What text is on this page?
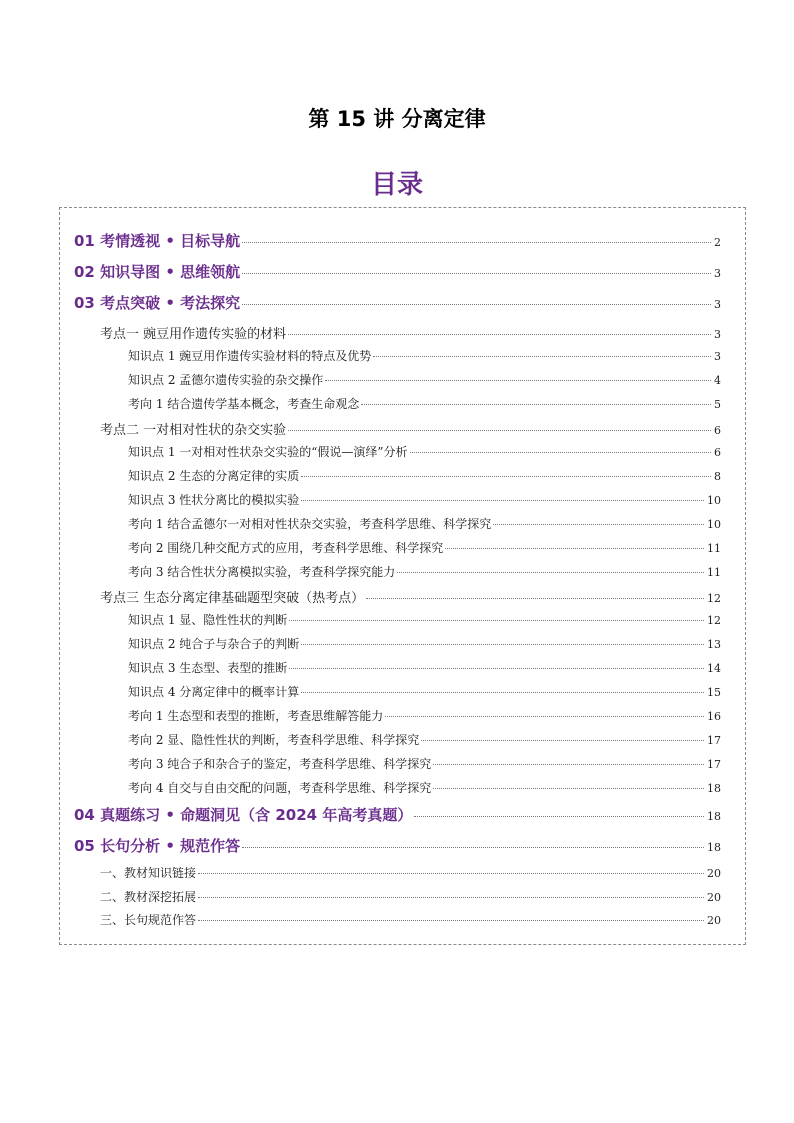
第 15 讲 分离定律
目录
01 考情透视 • 目标导航	2
02 知识导图 • 思维领航	3
03 考点突破 • 考法探究	3
考点一 豌豆用作遗传实验的材料	3
知识点 1 豌豆用作遗传实验材料的特点及优势	3
知识点 2 孟德尔遗传实验的杂交操作	4
考向 1 结合遗传学基本概念，考查生命观念	5
考点二 一对相对性状的杂交实验	6
知识点 1 一对相对性状杂交实验的“假说—演绎”分析	6
知识点 2 生态的分离定律的实质	8
知识点 3 性状分离比的模拟实验	10
考向 1 结合孟德尔一对相对性状杂交实验，考查科学思维、科学探究	10
考向 2 围绕几种交配方式的应用，考查科学思维、科学探究	11
考向 3 结合性状分离模拟实验，考查科学探究能力	11
考点三 生态分离定律基础题型突破（热考点）	12
知识点 1 显、隐性性状的判断	12
知识点 2 纯合子与杂合子的判断	13
知识点 3 生态型、表型的推断	14
知识点 4 分离定律中的概率计算	15
考向 1 生态型和表型的推断，考查思维解答能力	16
考向 2 显、隐性性状的判断，考查科学思维、科学探究	17
考向 3 纯合子和杂合子的鉴定，考查科学思维、科学探究	17
考向 4 自交与自由交配的问题，考查科学思维、科学探究	18
04 真题练习 • 命题洞见（含 2024 年高考真题）	18
05 长句分析 • 规范作答	18
一、教材知识链接	20
二、教材深挖拓展	20
三、长句规范作答	20
